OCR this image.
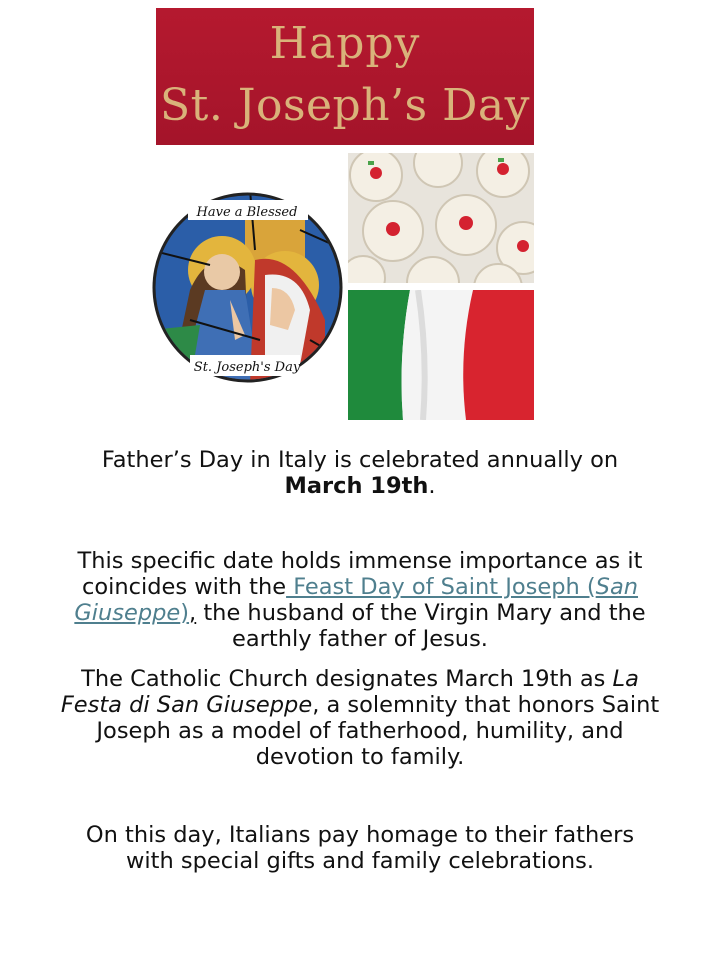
Happy
St. Joseph’s Day
Have a Blessed
St. Joseph's Day

Father’s Day in Italy is celebrated annually on March 19th.

This specific date holds immense importance as it coincides with the Feast Day of Saint Joseph (San Giuseppe), the husband of the Virgin Mary and the earthly father of Jesus.

The Catholic Church designates March 19th as La Festa di San Giuseppe, a solemnity that honors Saint Joseph as a model of fatherhood, humility, and devotion to family.

On this day, Italians pay homage to their fathers with special gifts and family celebrations.
